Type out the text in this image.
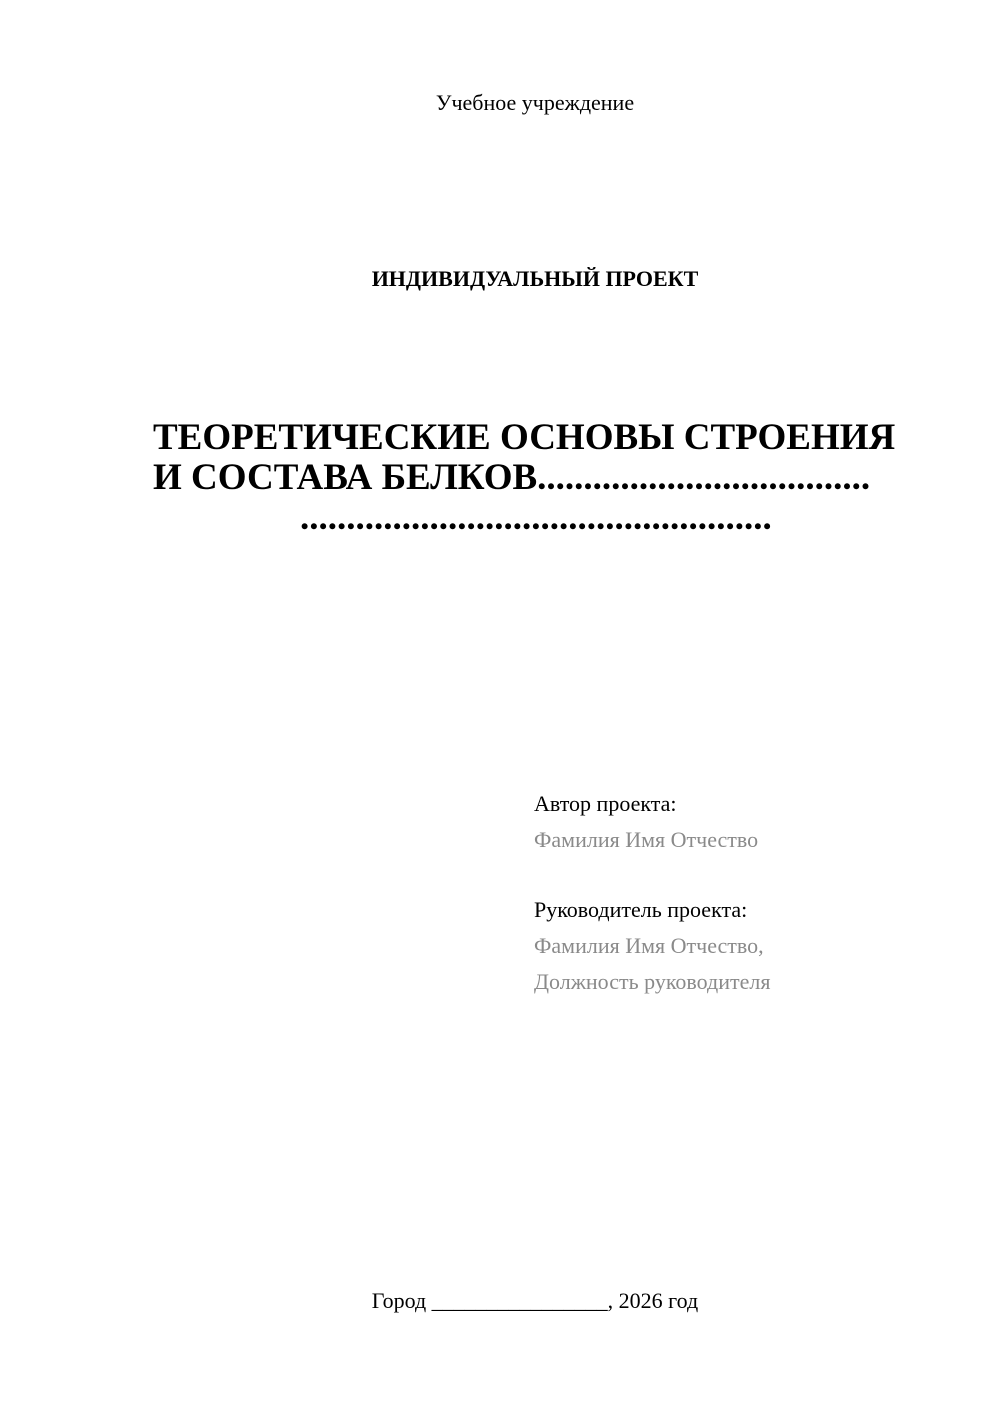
Учебное учреждение
ИНДИВИДУАЛЬНЫЙ ПРОЕКТ
ТЕОРЕТИЧЕСКИЕ ОСНОВЫ СТРОЕНИЯ
И СОСТАВА БЕЛКОВ....................................
...................................................
Автор проекта:
Фамилия Имя Отчество
Руководитель проекта:
Фамилия Имя Отчество,
Должность руководителя
Город ________________, 2026 год
